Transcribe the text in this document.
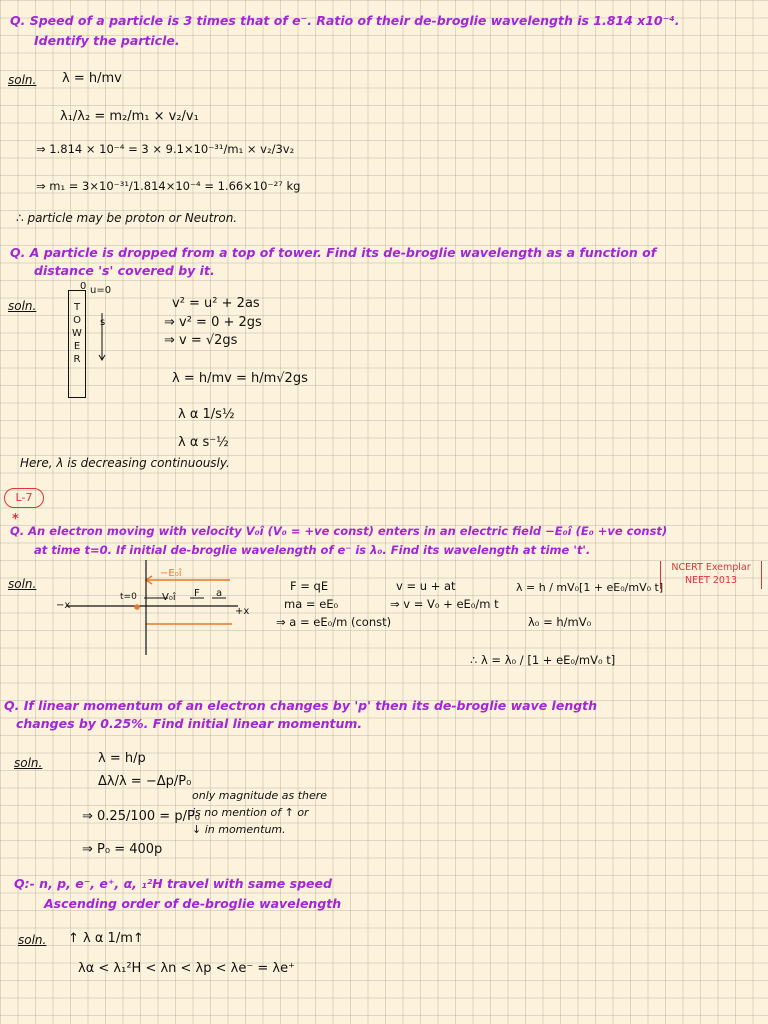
Q. Speed of a particle is 3 times that of e⁻. Ratio of their de-broglie wavelength is 1.814 x10⁻⁴.
Identify the particle.
soln. λ = h/mv
λ₁/λ₂ = m₂/m₁ × v₂/v₁
⇒ 1.814 × 10⁻⁴ = 3 × 9.1×10⁻³¹/m₁ × v₂/3v₂
⇒ m₁ = 3×10⁻³¹/1.814×10⁻⁴ = 1.66×10⁻²⁷ kg
∴ particle may be proton or Neutron.
Q. A particle is dropped from a top of tower. Find its de-broglie wavelength as a function of
distance 's' covered by it.
soln.
0 u=0
T
O
W
E
R
s
v² = u² + 2as
⇒ v² = 0 + 2gs
⇒ v = √2gs
λ = h/mv = h/m√2gs
λ α 1/s½
λ α s⁻½
Here, λ is decreasing continuously.
L-7
*
Q. An electron moving with velocity V₀î (V₀ = +ve const) enters in an electric field −E₀î (E₀ +ve const)
at time t=0. If initial de-broglie wavelength of e⁻ is λ₀. Find its wavelength at time 't'.
NCERT Exemplar
NEET 2013
soln.
−E₀î
−x
+x
t=0	V₀î F a
F = qE
ma = eE₀
⇒ a = eE₀/m (const)
v = u + at
⇒ v = V₀ + eE₀/m t
λ = h / mV₀[1 + eE₀/mV₀ t]
λ₀ = h/mV₀
∴ λ = λ₀ / [1 + eE₀/mV₀ t]
Q. If linear momentum of an electron changes by 'p' then its de-broglie wave length
changes by 0.25%. Find initial linear momentum.
soln.	λ = h/p
Δλ/λ = −Δp/P₀
only magnitude as there
is no mention of ↑ or
↓ in momentum.
⇒ 0.25/100 = p/P₀
⇒ P₀ = 400p
Q:- n, p, e⁻, e⁺, α, ₁²H travel with same speed
Ascending order of de-broglie wavelength
soln. ↑ λ α 1/m↑
λα < λ₁²H < λn < λp < λe⁻ = λe⁺
